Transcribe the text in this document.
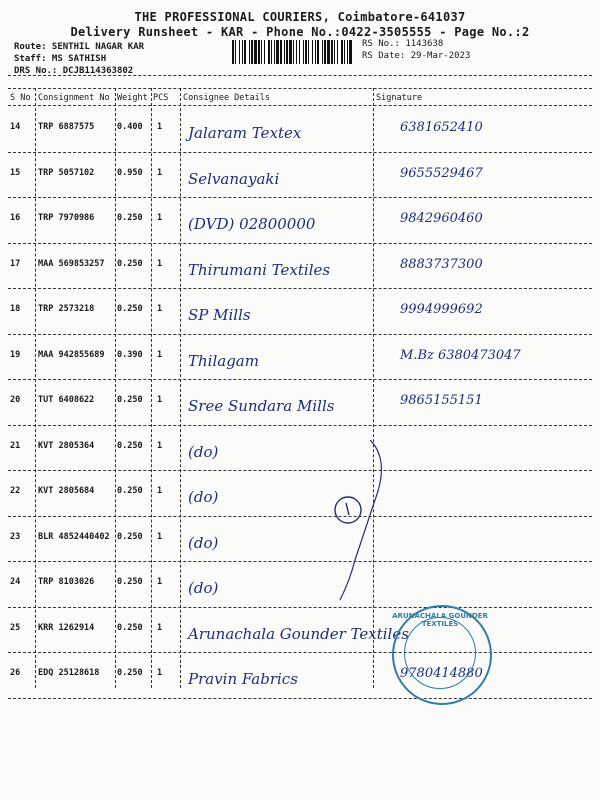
THE PROFESSIONAL COURIERS, Coimbatore-641037
Delivery Runsheet - KAR - Phone No.:0422-3505555 - Page No.:2
Route: SENTHIL NAGAR KAR
Staff: MS SATHISH
DRS No.: DCJB114363802
RS No.: 1143638
RS Date: 29-Mar-2023
S No Consignment No Weight PCS Consignee Details	Signature
14 TRP 6887575	0.400 1 Jalaram Textex	6381652410
15 TRP 5057102	0.950 1 Selvanayaki	9655529467
16 TRP 7970986	0.250 1 (DVD) 02800000	9842960460
17 MAA 569853257 0.250 1 Thirumani Textiles	8883737300
18 TRP 2573218	0.250 1 SP Mills	9994999692
19 MAA 942855689 0.390 1 Thilagam	M.Bz 6380473047
20 TUT 6408622	0.250 1 Sree Sundara Mills	9865155151
21 KVT 2805364	0.250 1 (do)
22 KVT 2805684	0.250 1 (do)
23 BLR 4852440402 0.250 1 (do)
24 TRP 8103026	0.250 1 (do)
25 KRR 1262914	0.250 1 Arunachala Gounder Textiles
26 EDQ 25128618 0.250 1 Pravin Fabrics	9780414880
ARUNACHALA GOUNDER TEXTILES
